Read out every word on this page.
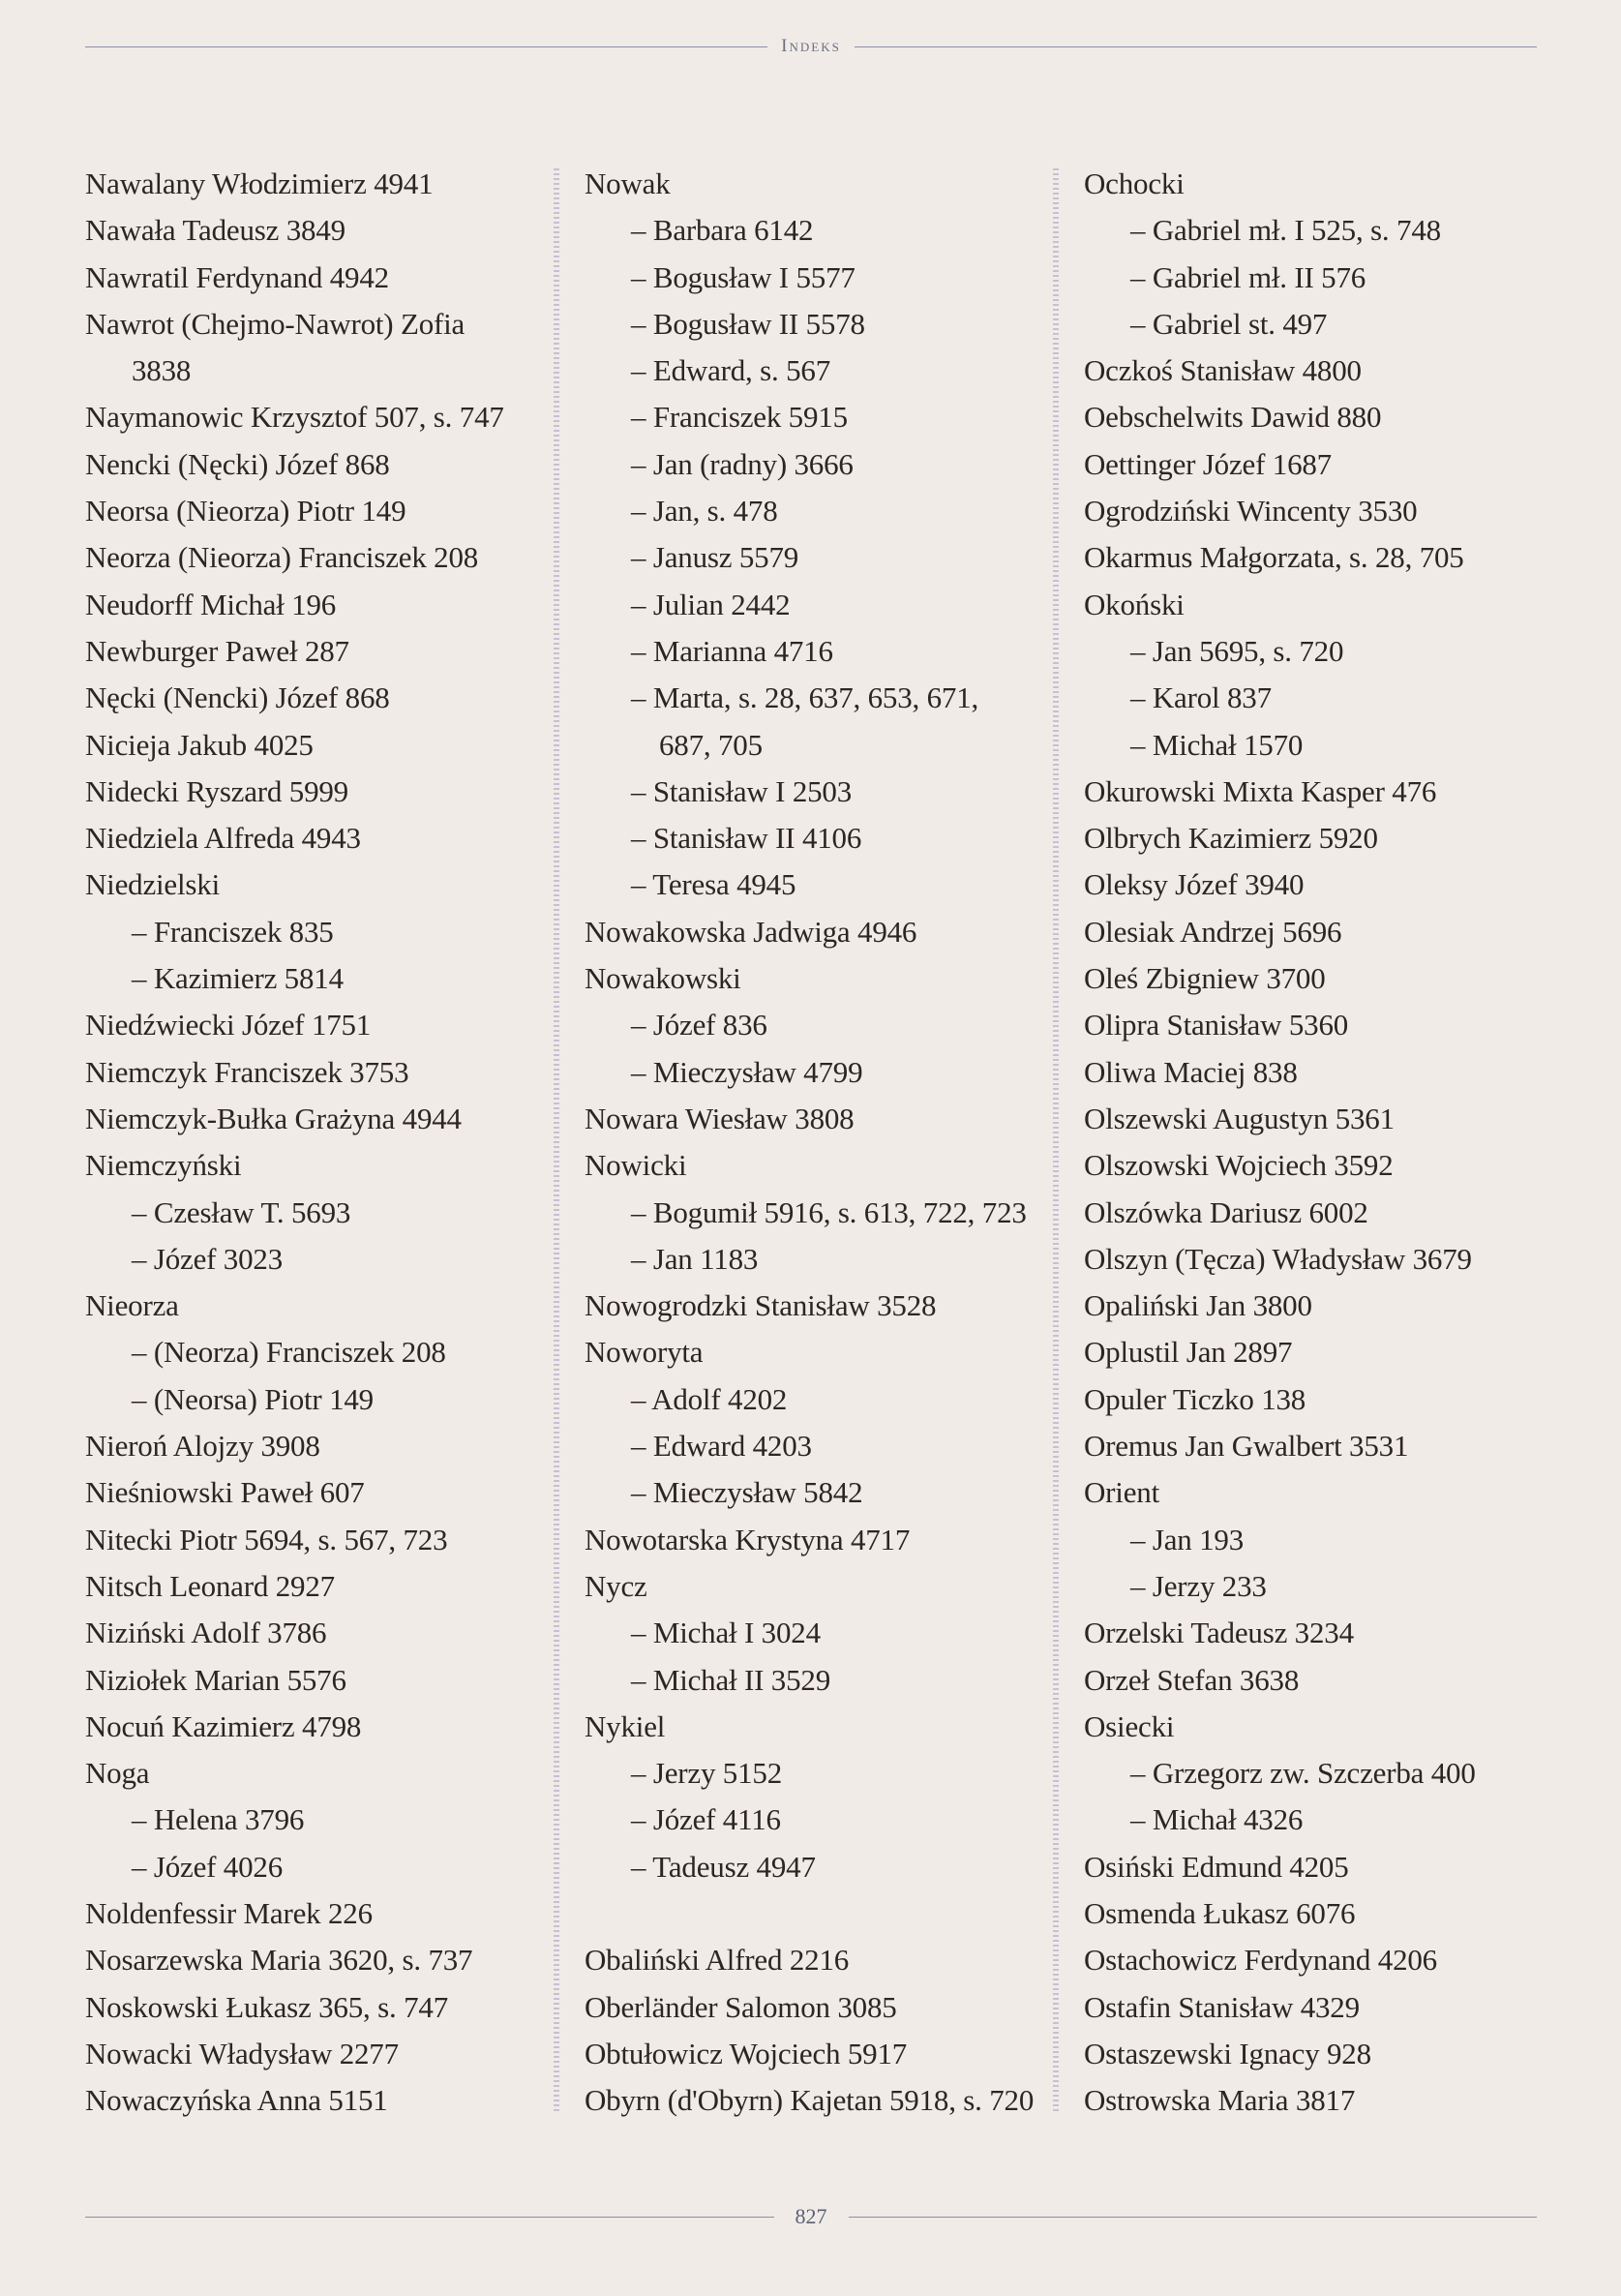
Indeks
Nawalany Włodzimierz 4941
Nawała Tadeusz 3849
Nawratil Ferdynand 4942
Nawrot (Chejmo-Nawrot) Zofia
3838
Naymanowic Krzysztof 507, s. 747
Nencki (Nęcki) Józef 868
Neorsa (Nieorza) Piotr 149
Neorza (Nieorza) Franciszek 208
Neudorff Michał 196
Newburger Paweł 287
Nęcki (Nencki) Józef 868
Nicieja Jakub 4025
Nidecki Ryszard 5999
Niedziela Alfreda 4943
Niedzielski
– Franciszek 835
– Kazimierz 5814
Niedźwiecki Józef 1751
Niemczyk Franciszek 3753
Niemczyk-Bułka Grażyna 4944
Niemczyński
– Czesław T. 5693
– Józef 3023
Nieorza
– (Neorza) Franciszek 208
– (Neorsa) Piotr 149
Nieroń Alojzy 3908
Nieśniowski Paweł 607
Nitecki Piotr 5694, s. 567, 723
Nitsch Leonard 2927
Niziński Adolf 3786
Niziołek Marian 5576
Nocuń Kazimierz 4798
Noga
– Helena 3796
– Józef 4026
Noldenfessir Marek 226
Nosarzewska Maria 3620, s. 737
Noskowski Łukasz 365, s. 747
Nowacki Władysław 2277
Nowaczyńska Anna 5151
Nowak
– Barbara 6142
– Bogusław I 5577
– Bogusław II 5578
– Edward, s. 567
– Franciszek 5915
– Jan (radny) 3666
– Jan, s. 478
– Janusz 5579
– Julian 2442
– Marianna 4716
– Marta, s. 28, 637, 653, 671,
687, 705
– Stanisław I 2503
– Stanisław II 4106
– Teresa 4945
Nowakowska Jadwiga 4946
Nowakowski
– Józef 836
– Mieczysław 4799
Nowara Wiesław 3808
Nowicki
– Bogumił 5916, s. 613, 722, 723
– Jan 1183
Nowogrodzki Stanisław 3528
Noworyta
– Adolf 4202
– Edward 4203
– Mieczysław 5842
Nowotarska Krystyna 4717
Nycz
– Michał I 3024
– Michał II 3529
Nykiel
– Jerzy 5152
– Józef 4116
– Tadeusz 4947
Obaliński Alfred 2216
Oberländer Salomon 3085
Obtułowicz Wojciech 5917
Obyrn (d'Obyrn) Kajetan 5918, s. 720
Ochocki
– Gabriel mł. I 525, s. 748
– Gabriel mł. II 576
– Gabriel st. 497
Oczkoś Stanisław 4800
Oebschelwits Dawid 880
Oettinger Józef 1687
Ogrodziński Wincenty 3530
Okarmus Małgorzata, s. 28, 705
Okoński
– Jan 5695, s. 720
– Karol 837
– Michał 1570
Okurowski Mixta Kasper 476
Olbrych Kazimierz 5920
Oleksy Józef 3940
Olesiak Andrzej 5696
Oleś Zbigniew 3700
Olipra Stanisław 5360
Oliwa Maciej 838
Olszewski Augustyn 5361
Olszowski Wojciech 3592
Olszówka Dariusz 6002
Olszyn (Tęcza) Władysław 3679
Opaliński Jan 3800
Oplustil Jan 2897
Opuler Ticzko 138
Oremus Jan Gwalbert 3531
Orient
– Jan 193
– Jerzy 233
Orzelski Tadeusz 3234
Orzeł Stefan 3638
Osiecki
– Grzegorz zw. Szczerba 400
– Michał 4326
Osiński Edmund 4205
Osmenda Łukasz 6076
Ostachowicz Ferdynand 4206
Ostafin Stanisław 4329
Ostaszewski Ignacy 928
Ostrowska Maria 3817
827
